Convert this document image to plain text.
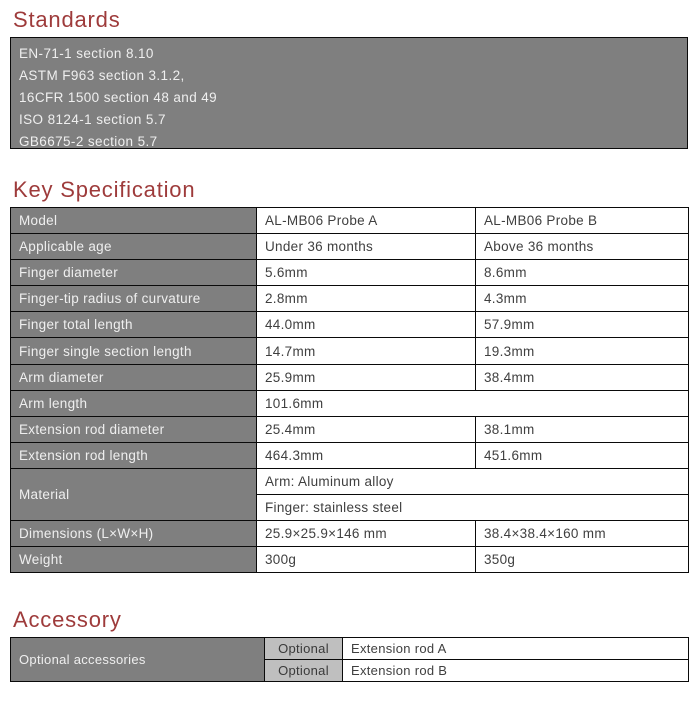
Standards
EN-71-1 section 8.10
ASTM F963 section 3.1.2,
16CFR 1500 section 48 and 49
ISO 8124-1 section 5.7
GB6675-2 section 5.7
Key Specification
Model	AL-MB06 Probe A	AL-MB06 Probe B
Applicable age	Under 36 months	Above 36 months
Finger diameter	5.6mm	8.6mm
Finger-tip radius of curvature	2.8mm	4.3mm
Finger total length	44.0mm	57.9mm
Finger single section length	14.7mm	19.3mm
Arm diameter	25.9mm	38.4mm
Arm length	101.6mm	
Extension rod diameter	25.4mm	38.1mm
Extension rod length	464.3mm	451.6mm
Material	Arm: Aluminum alloy	
	Finger: stainless steel	
Dimensions (L×W×H)	25.9×25.9×146 mm	38.4×38.4×160 mm
Weight	300g	350g
Accessory
Optional accessories	Optional	Extension rod A
	Optional	Extension rod B
